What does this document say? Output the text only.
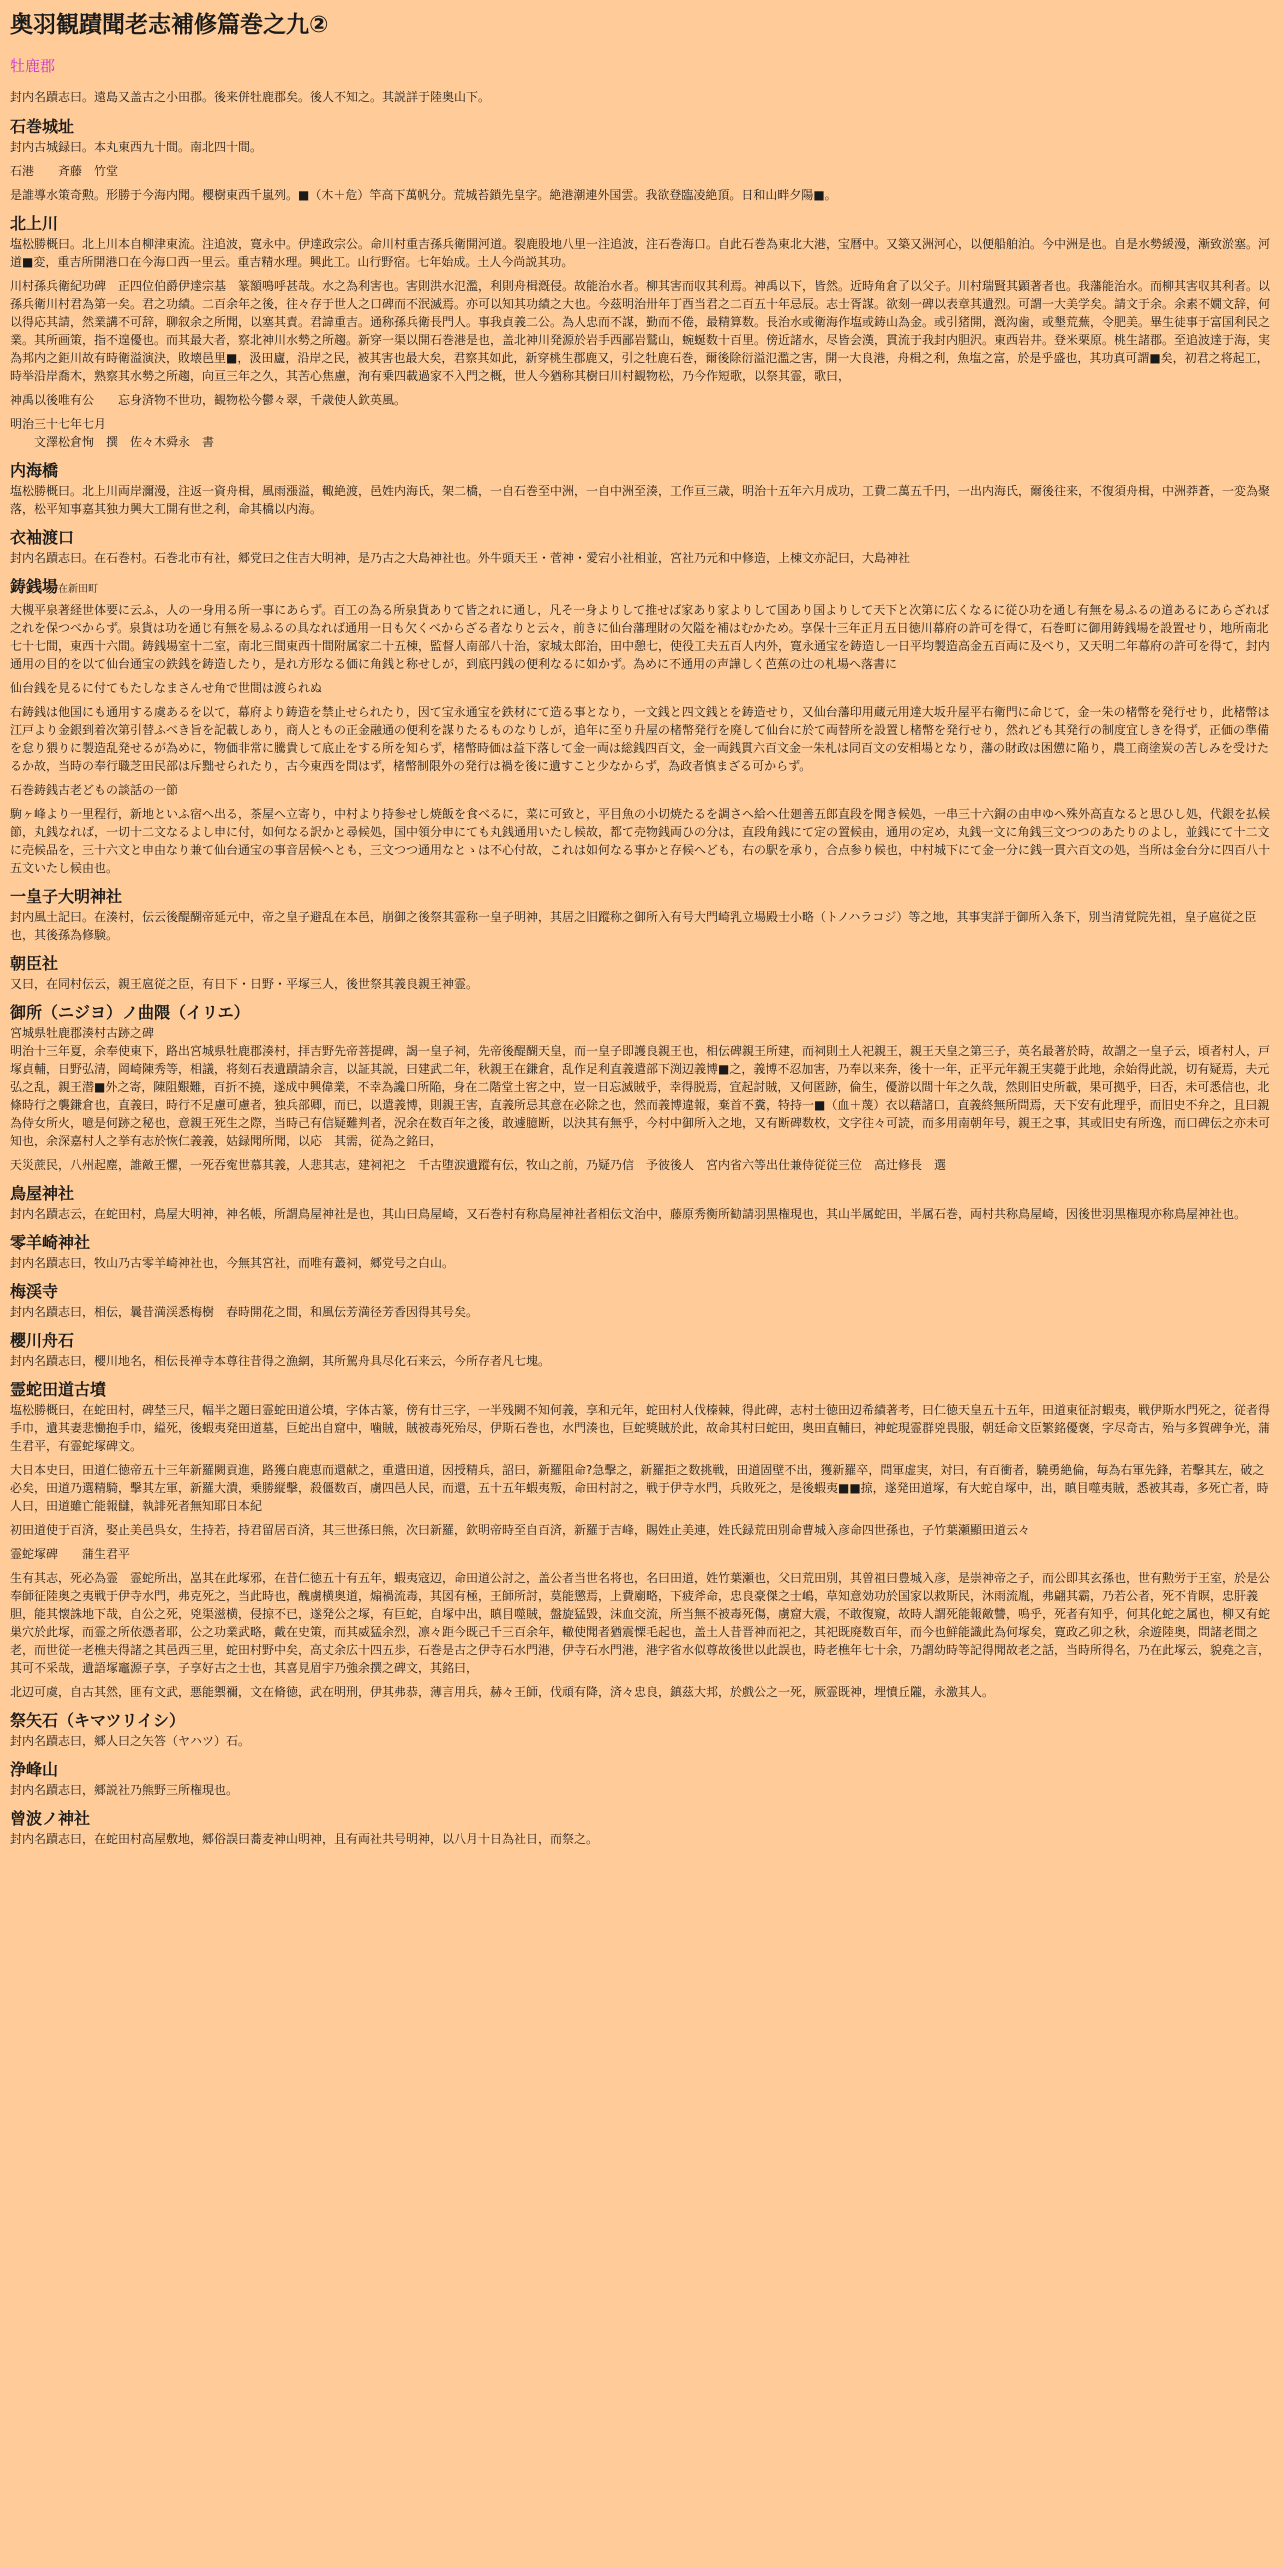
奥羽観蹟聞老志補修篇巻之九②
牡鹿郡

封内名蹟志曰。遠島又盖古之小田郡。後来併牡鹿郡矣。後人不知之。其説詳于陸奥山下。

石巻城址

封内古城録曰。本丸東西九十間。南北四十間。

石港　　斉藤　竹堂

是誰導水策奇勲。形勝于今海内聞。櫻樹東西千嵐列。■（木＋危）竿高下萬帆分。荒城苔鎖先皇字。絶港潮連外国雲。我欲登臨凌絶頂。日和山畔夕陽■。

北上川

塩松勝概曰。北上川本自柳津東流。注追波，寛永中。伊達政宗公。命川村重吉孫兵衛開河道。裂鹿股地八里一注追波，注石巻海口。自此石巻為東北大港，宝暦中。又築又洲河心，以便船舶泊。今中洲是也。自是水勢緩漫，漸致淤塞。河道■変，重吉所開港口在今海口西一里云。重吉精水理。興此工。山行野宿。七年始成。土人今尚説其功。

川村孫兵衛紀功碑　正四位伯爵伊達宗基　篆額鳴呼甚哉。水之為利害也。害則洪水氾濫，利則舟楫漑侵。故能治水者。柳其害而収其利焉。神禹以下，皆然。近時角倉了以父子。川村瑞賢其顕著者也。我藩能治水。而柳其害収其利者。以孫兵衛川村君為第一矣。君之功績。二百余年之後，往々存于世人之口碑而不泯滅焉。亦可以知其功績之大也。今茲明治卅年丁酉当君之二百五十年忌辰。志士胥謀。欲刻一碑以表章其遺烈。可謂一大美学矣。請文于余。余素不嫺文辞，何以得応其請，然業講不可辞，聊叙余之所聞，以塞其責。君諱重吉。通称孫兵衛長門人。事我貞義二公。為人忠而不謀，勤而不倦，最精算数。長治水或衛海作塩或鋳山為金。或引猪開，漑沟歯，或墾荒蕪，令肥美。畢生徒事于富国利民之業。其所画策，指不遑優也。而其最大者，察北神川水勢之所趨。新穿一渠以開石巻港是也，盖北神川発源於岩手西鄙岩鷲山，蜿蜒数十百里。傍近諸水，尽皆会漢，貫流于我封内胆沢。東西岩井。登米栗原。桃生諸郡。至追波達于海，実為邦内之鉅川故有時衛溢演決，敗壊邑里■，汲田廬，沿岸之民，被其害也最大矣，君察其如此，新穿桃生郡鹿又，引之牡鹿石巻，爾後除衍溢氾濫之害，開一大良港，舟楫之利，魚塩之富，於是乎盛也，其功真可謂■矣，初君之将起工，時举沿岸喬木，熟察其水勢之所趨，向亘三年之久，其苦心焦慮，洵有乗四載過家不入門之概，世人今猶称其樹曰川村観物松，乃今作短歌，以祭其霊，歌曰，

神禹以後唯有公　　忘身済物不世功，観物松今鬱々翠，千歳使人欽英風。

明治三十七年七月
　　文澤松倉恂　撰　佐々木舜永　書

内海橋

塩松勝概曰。北上川両岸濔漫，注返一資舟楫，風雨漲溢，輙絶渡，邑姓内海氏，架二橋，一自石巻至中洲，一自中洲至湊，工作亘三歳，明治十五年六月成功，工費二萬五千円，一出内海氏，爾後往来，不復須舟楫，中洲莽蒼，一変為聚落，松平知事嘉其独力興大工開有世之利，命其橋以内海。

衣袖渡口

封内名蹟志曰。在石巻村。石巻北市有社，郷党曰之住吉大明神，是乃古之大島神社也。外牛頭天王・菅神・愛宕小社相並，宮社乃元和中修造，上棟文亦記曰，大島神社

鋳銭場在新田町

大槻平泉著経世体要に云ふ，人の一身用る所一事にあらず。百工の為る所泉貨ありて皆之れに通し，凡そ一身よりして推せば家あり家よりして国あり国よりして天下と次第に広くなるに従ひ功を通し有無を易ふるの道あるにあらざれば之れを保つべからず。泉貨は功を通じ有無を易ふるの具なれば通用一日も欠くべからざる者なりと云々，前きに仙台藩理財の欠隘を補はむかため。享保十三年正月五日徳川幕府の許可を得て，石巻町に御用鋳銭場を設置せり，地所南北七十七間，東西十六間。鋳銭場室十二室，南北三間東西十間附属家二十五棟，監督人南部八十治，家城太郎治，田中憩七，使役工夫五百人内外，寛永通宝を鋳造し一日平均製造高金五百両に及べり，又天明二年幕府の許可を得て，封内通用の目的を以て仙台通宝の鉄銭を鋳造したり，是れ方形なる価に角銭と称せしが，到底円銭の便利なるに如かず。為めに不通用の声譁しく芭蕉の辻の札場へ落書に

仙台銭を見るに付てもたしなまさんせ角で世間は渡られぬ

右鋳銭は他国にも通用する虞あるを以て，幕府より鋳造を禁止せられたり，因て宝永通宝を鉄材にて造る事となり，一文銭と四文銭とを鋳造せり，又仙台藩印用蔵元用達大坂升屋平右衛門に命じて，金一朱の楮幣を発行せり，此楮幣は江戸より金銀到着次第引替ふべき旨を記載しあり，商人ともの正金融通の便利を謀りたるものなりしが，追年に至り升屋の楮幣発行を廃して仙台に於て両替所を設置し楮幣を発行せり，然れども其発行の制度宜しきを得ず，正価の準備を怠り猥りに製造乱発せるが為めに，物価非常に騰貴して底止をする所を知らず，楮幣時価は益下落して金一両は総銭四百文，金一両銭貫六百文金一朱札は同百文の安相場となり，藩の財政は困憊に陥り，農工商塗炭の苦しみを受けたるか故，当時の奉行職芝田民部は斥黜せられたり，古今東西を問はず，楮幣制限外の発行は禍を後に遺すこと少なからず，為政者慎まざる可からず。

石巻鋳銭古老どもの談話の一節

駒ヶ峰より一里程行，新地といふ宿へ出る，茶屋へ立寄り，中村より持参せし焼飯を食べるに，菜に可致と，平目魚の小切焼たるを調さへ給へ仕廻善五郎直段を聞き候処，一串三十六銅の由申ゆへ殊外高直なると思ひし処，代銀を払候節，丸銭なれば，一切十二文なるよし申に付，如何なる訳かと尋候処，国中領分申にても丸銭通用いたし候故，都て売物銭両ひの分は，直段角銭にて定の置候由，通用の定め，丸銭一文に角銭三文つつのあたりのよし，並銭にて十二文に売候品を，三十六文と申由なり兼て仙台通宝の事音居候へとも，三文つつ通用なとゝは不心付故，これは如何なる事かと存候へども，右の駅を承り，合点参り候也，中村城下にて金一分に銭一貫六百文の処，当所は金台分に四百八十五文いたし候由也。

一皇子大明神社

封内風土記曰。在湊村，伝云後醍醐帝延元中，帝之皇子避乱在本邑，崩御之後祭其霊称一皇子明神，其居之旧蹤称之御所入有号大門崎乳立場殿士小略（トノハラコジ）等之地，其事実詳于御所入条下，別当清覚院先祖，皇子扈従之臣也，其後孫為修験。

朝臣社

又曰，在同村伝云，親王扈従之臣，有日下・日野・平塚三人，後世祭其義良親王神霊。

御所（ニジヨ）ノ曲隈（イリエ）
宮城県牡鹿郡湊村古跡之碑

明治十三年夏，余奉使東下，路出宮城県牡鹿郡湊村，拝吉野先帝菩提碑，謁一皇子祠，先帝後醍醐天皇，而一皇子即護良親王也，相伝碑親王所建，而祠則土人祀親王，親王天皇之第三子，英名最著於時，故謂之一皇子云，頃者村人，戸塚貞輔，日野弘清，岡崎陳秀等，相議，将刻石表遺蹟請余言，以証其説，曰建武二年，秋親王在鎌倉，乱作足利直義遣部下渕辺義博■之，義博不忍加害，乃奉以来奔，後十一年，正平元年親王実薨于此地，余始得此説，切有疑焉，夫元弘之乱，親王潜■外之寄，陳阻艱難，百折不撓，遂成中興偉業，不幸為讒口所陥，身在二階堂土窖之中，豈一日忘滅賊乎，幸得脱焉，宜起討賊，又何匿跡，倫生，優游以間十年之久哉，然則旧史所載，果可拠乎，曰否，未可悉信也，北條時行之襲鎌倉也，直義曰，時行不足慮可慮者，独兵部卿，而已，以遣義博，則親王害，直義所忌其意在必除之也，然而義博違報，棄首不糞，特持一■（血＋蔑）衣以藉諸口，直義終無所問焉，天下安有此理乎，而旧史不弁之，且曰親為侍女所火，噫是何跡之秘也，意親王死生之際，当時己有信疑難判者，況余在数百年之後，敢遽臆断，以決其有無乎，今村中御所入之地，又有断碑数枚，文字往々可読，而多用南朝年号，親王之事，其或旧史有所逸，而口碑伝之亦未可知也，余深嘉村人之挙有志於恢仁義義，姑録聞所聞，以応　其需，従為之銘曰，

天災蔗民，八州起塵，誰敵王懼，一死吞寃世慕其義，人悲其志，建祠祀之　千古堕涙遺蹤有伝，牧山之前，乃疑乃信　予彼後人　宮内省六等出仕兼侍従従三位　高辻修長　選

鳥屋神社

封内名蹟志云，在蛇田村，鳥屋大明神，神名帳，所謂鳥屋神社是也，其山曰鳥屋崎，又石巻村有称鳥屋神社者相伝文治中，藤原秀衡所勧請羽黒権現也，其山半属蛇田，半属石巻，両村共称鳥屋崎，因後世羽黒権現亦称鳥屋神社也。

零羊崎神社

封内名蹟志曰，牧山乃古零羊崎神社也，今無其宮社，而唯有叢祠，郷党号之白山。

梅渓寺

封内名蹟志曰，相伝，曩昔満渓悉梅樹　春時開花之間，和風伝芳満径芳香因得其号矣。

櫻川舟石

封内名蹟志曰，櫻川地名，相伝長禅寺本尊往昔得之漁網，其所駕舟具尽化石来云，今所存者凡七塊。

霊蛇田道古墳

塩松勝概曰，在蛇田村，碑埜三尺，幅半之題曰霊蛇田道公墳，字体古篆，傍有廿三字，一半残闕不知何義，享和元年，蛇田村人伐榛棘，得此碑，志村士徳田辺希績著考，曰仁徳天皇五十五年，田道東征討蝦夷，戦伊斯水門死之，従者得手巾，遺其妻悲慟抱手巾，縊死，後蝦夷発田道墓，巨蛇出自窟中，噛賊，賊被毒死殆尽，伊斯石巻也，水門湊也，巨蛇獎賊於此，故命其村曰蛇田，奥田直輔曰，神蛇現霊群兇畏服，朝廷命文臣繁銘優褒，字尽奇古，殆与多賀碑争光，蒲生君平，有霊蛇塚碑文。

大日本史曰，田道仁徳帝五十三年新羅闕貢進，路獲白鹿恵而還献之，重遣田道，因授精兵，詔曰，新羅阻命?急擊之，新羅拒之数挑戦，田道固壁不出，獲新羅卒，問軍虚実，対曰，有百衝者，驍勇絶倫，毎為右軍先鋒，若擊其左，破之必矣，田道乃選精騎，擊其左軍，新羅大潰，乗勝縦擊，殺僵数百，虜四邑人民，而還，五十五年蝦夷叛，命田村討之，戦于伊寺水門，兵敗死之，是後蝦夷■■掠，遂発田道塚，有大蛇自塚中，出，瞋目噬夷賊，悉被其毒，多死亡者，時人曰，田道雖亡能報讎，執誹死者無知耶日本紀

初田道使于百済，娶止美邑呉女，生持若，持君留居百済，其三世孫曰熊，次曰新羅，欽明帝時至自百済，新羅于吉峰，賜姓止美連，姓氏録荒田別命曹城入彦命四世孫也，子竹葉瀬顯田道云々

霊蛇塚碑　　蒲生君平

生有其志，死必為霊　霊蛇所出，嵓其在此塚邪，在昔仁徳五十有五年，蝦夷寇辺，命田道公討之，盖公者当世名将也，名曰田道，姓竹葉瀬也，父曰荒田別，其曽祖曰豊城入彦，是崇神帝之子，而公即其玄孫也，世有勲労于王室，於是公奉師征陸奥之夷戦于伊寺水門，弗克死之，当此時也，醜虜横奥道，煽禍流毒，其図有極，王師所討，莫能懲焉，上費廟略，下疲斧命，忠良豪傑之士嶋，草知意効功於国家以救斯民，沐雨流胤，弗翩其霸，乃若公者，死不肯瞑，忠肝義胆，能其懐誅地下哉，自公之死，兇渠滋横，侵掠不已，遂発公之塚，有巨蛇，自塚中出，瞋目噬賊，盤旋猛毀，沫血交流，所当無不被毒死傷，虜窟大震，不敢復窺，故時人謂死能報敵讐，嗚乎，死者有知乎，何其化蛇之属也，柳又有蛇巣穴於此塚，而霊之所依憑者耶，公之功業武略，戴在史策，而其威猛余烈，凛々距今既己千三百余年，轍使聞者猶震慄毛起也，盖土人昔晋神而祀之，其祀既廃数百年，而今也鮮能識此為何塚矣，寛政乙卯之秋，余遊陸奥，問諸老間之老，而世従一老樵夫得諸之其邑西三里，蛇田村野中矣，高丈余広十四五歩，石巻是古之伊寺石水門港，伊寺石水門港，港字省水似尊故後世以此誤也，時老樵年七十余，乃謂幼時等記得聞故老之話，当時所得名，乃在此塚云，貌堯之言，其可不采哉，遺語塚竈源子享，子享好古之士也，其喜見眉宇乃強余撰之碑文，其銘曰，

北辺可虞，自古其然，匪有文武，悪能禦禰，文在脩徳，武在明刑，伊其弗恭，薄言用兵，赫々王師，伐頑有降，済々忠良，鎮茲大邦，於戲公之一死，厥霊既神，埋憤丘隴，永激其人。

祭矢石（キマツリイシ）

封内名蹟志曰，郷人曰之矢答（ヤハツ）石。

浄峰山

封内名蹟志曰，郷説社乃熊野三所権現也。

曾波ノ神社

封内名蹟志曰，在蛇田村高屋敷地，郷俗誤曰蕎麦神山明神，且有両社共号明神，以八月十日為社日，而祭之。
